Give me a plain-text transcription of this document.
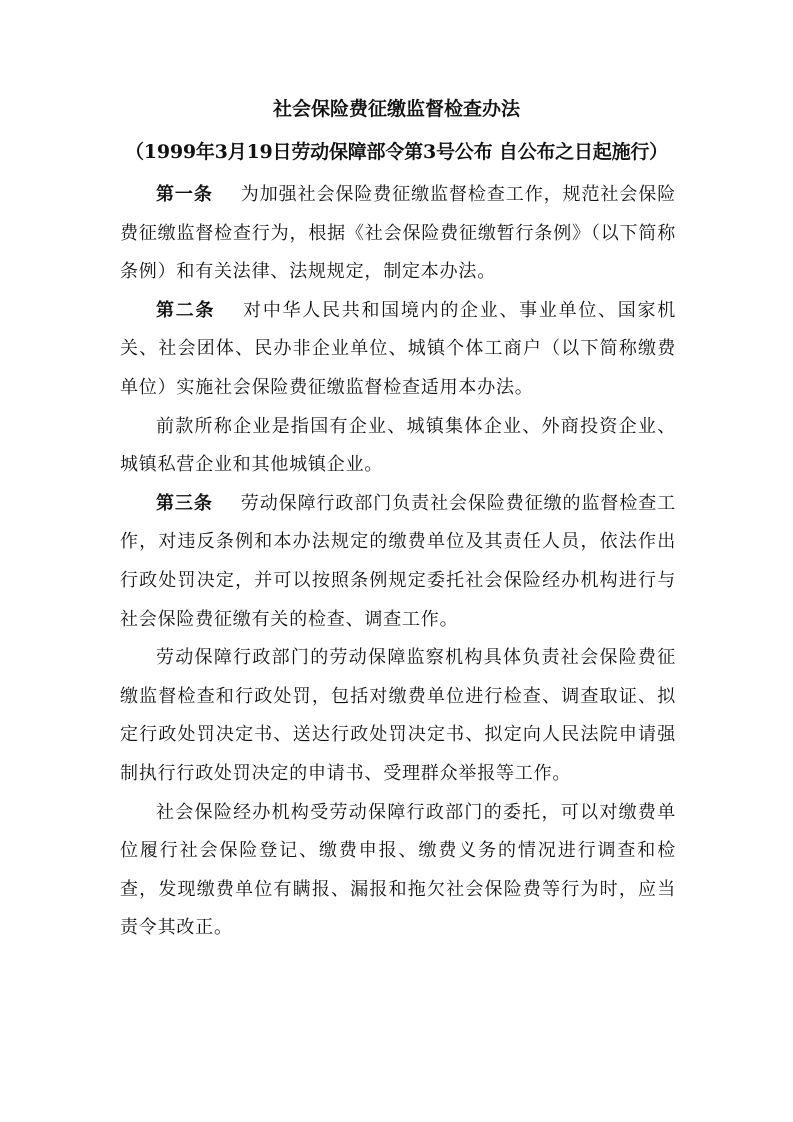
社会保险费征缴监督检查办法
（1999年3月19日劳动保障部令第3号公布 自公布之日起施行）

第一条 为加强社会保险费征缴监督检查工作，规范社会保险费征缴监督检查行为，根据《社会保险费征缴暂行条例》（以下简称条例）和有关法律、法规规定，制定本办法。

第二条 对中华人民共和国境内的企业、事业单位、国家机关、社会团体、民办非企业单位、城镇个体工商户（以下简称缴费单位）实施社会保险费征缴监督检查适用本办法。

前款所称企业是指国有企业、城镇集体企业、外商投资企业、城镇私营企业和其他城镇企业。

第三条 劳动保障行政部门负责社会保险费征缴的监督检查工作，对违反条例和本办法规定的缴费单位及其责任人员，依法作出行政处罚决定，并可以按照条例规定委托社会保险经办机构进行与社会保险费征缴有关的检查、调查工作。

劳动保障行政部门的劳动保障监察机构具体负责社会保险费征缴监督检查和行政处罚，包括对缴费单位进行检查、调查取证、拟定行政处罚决定书、送达行政处罚决定书、拟定向人民法院申请强制执行行政处罚决定的申请书、受理群众举报等工作。

社会保险经办机构受劳动保障行政部门的委托，可以对缴费单位履行社会保险登记、缴费申报、缴费义务的情况进行调查和检查，发现缴费单位有瞒报、漏报和拖欠社会保险费等行为时，应当责令其改正。
